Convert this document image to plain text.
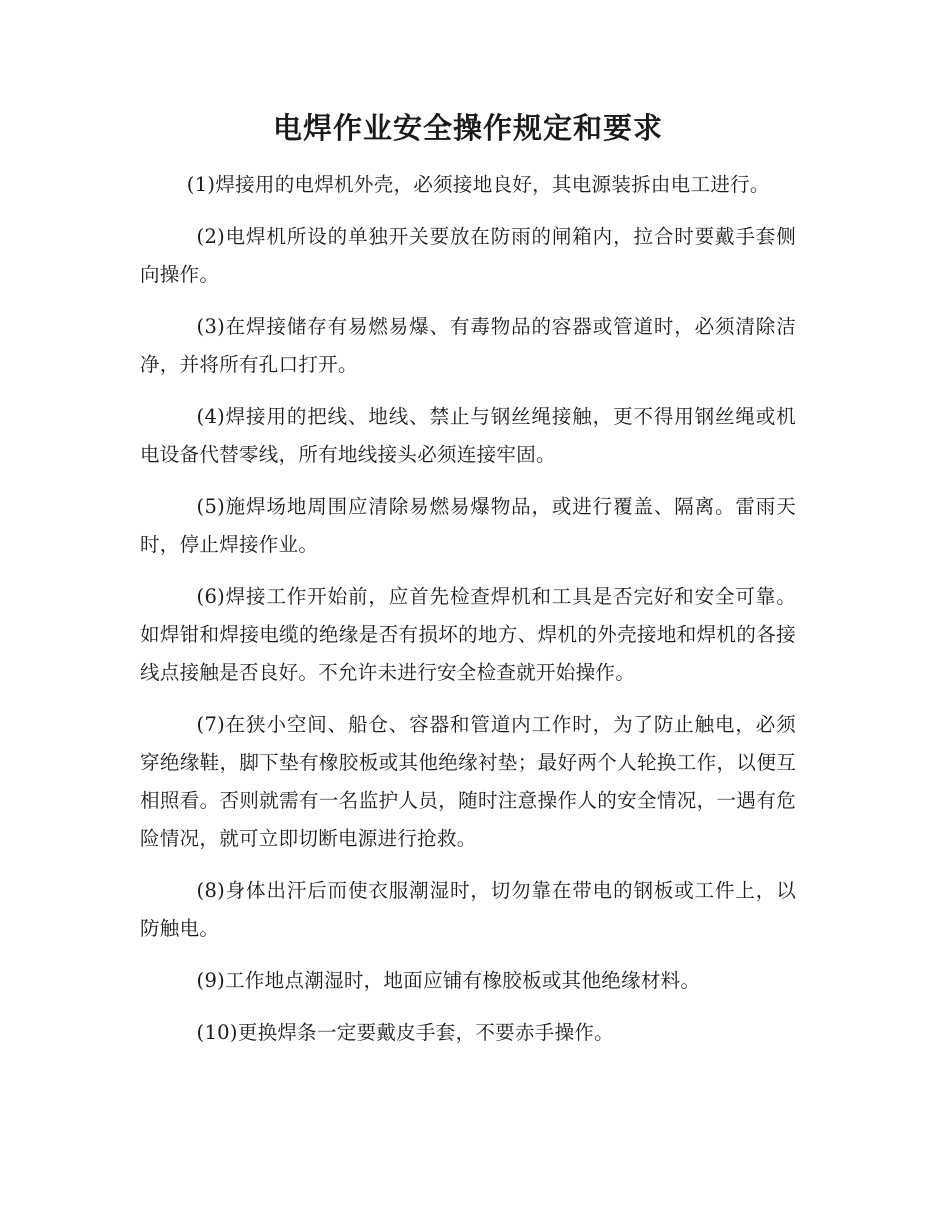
电焊作业安全操作规定和要求

(1)焊接用的电焊机外壳，必须接地良好，其电源装拆由电工进行。

(2)电焊机所设的单独开关要放在防雨的闸箱内，拉合时要戴手套侧向操作。

(3)在焊接储存有易燃易爆、有毒物品的容器或管道时，必须清除洁净，并将所有孔口打开。

(4)焊接用的把线、地线、禁止与钢丝绳接触，更不得用钢丝绳或机电设备代替零线，所有地线接头必须连接牢固。

(5)施焊场地周围应清除易燃易爆物品，或进行覆盖、隔离。雷雨天时，停止焊接作业。

(6)焊接工作开始前，应首先检查焊机和工具是否完好和安全可靠。如焊钳和焊接电缆的绝缘是否有损坏的地方、焊机的外壳接地和焊机的各接线点接触是否良好。不允许未进行安全检查就开始操作。

(7)在狭小空间、船仓、容器和管道内工作时，为了防止触电，必须穿绝缘鞋，脚下垫有橡胶板或其他绝缘衬垫；最好两个人轮换工作，以便互相照看。否则就需有一名监护人员，随时注意操作人的安全情况，一遇有危险情况，就可立即切断电源进行抢救。

(8)身体出汗后而使衣服潮湿时，切勿靠在带电的钢板或工件上，以防触电。

(9)工作地点潮湿时，地面应铺有橡胶板或其他绝缘材料。

(10)更换焊条一定要戴皮手套，不要赤手操作。
